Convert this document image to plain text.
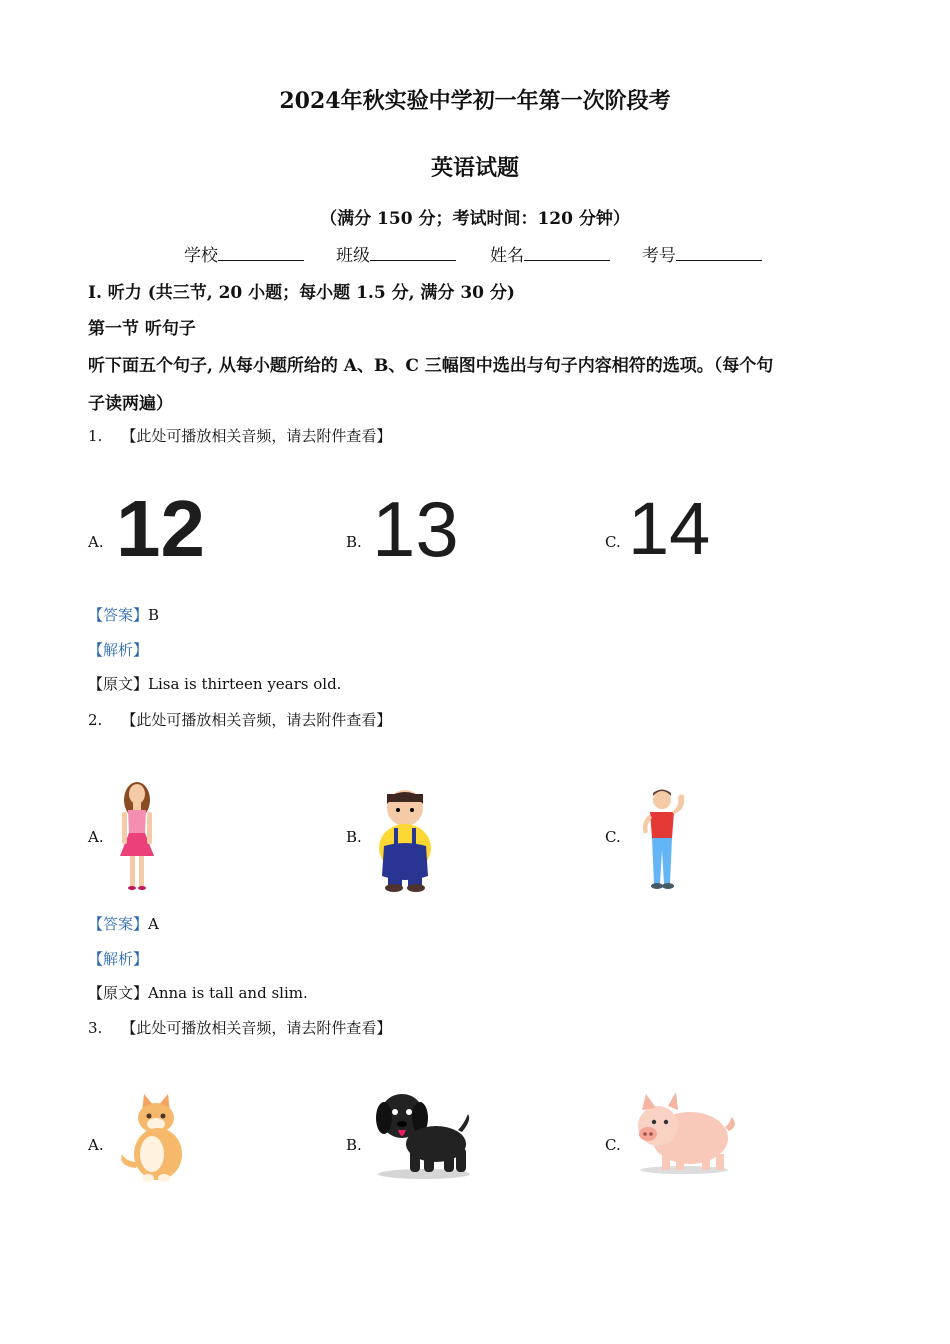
2024年秋实验中学初一年第一次阶段考
英语试题
（满分 150 分；考试时间：120 分钟）
学校	班级	姓名	考号
Ⅰ. 听力 (共三节, 20 小题；每小题 1.5 分, 满分 30 分)
第一节 听句子
听下面五个句子, 从每小题所给的 A、B、C 三幅图中选出与句子内容相符的选项。（每个句
子读两遍）
1. 【此处可播放相关音频，请去附件查看】
A. 12	B. 13	C. 14
【答案】B
【解析】
【原文】Lisa is thirteen years old.
2. 【此处可播放相关音频，请去附件查看】
A.	B.	C.
【答案】A
【解析】
【原文】Anna is tall and slim.
3. 【此处可播放相关音频，请去附件查看】
A.	B.	C.
